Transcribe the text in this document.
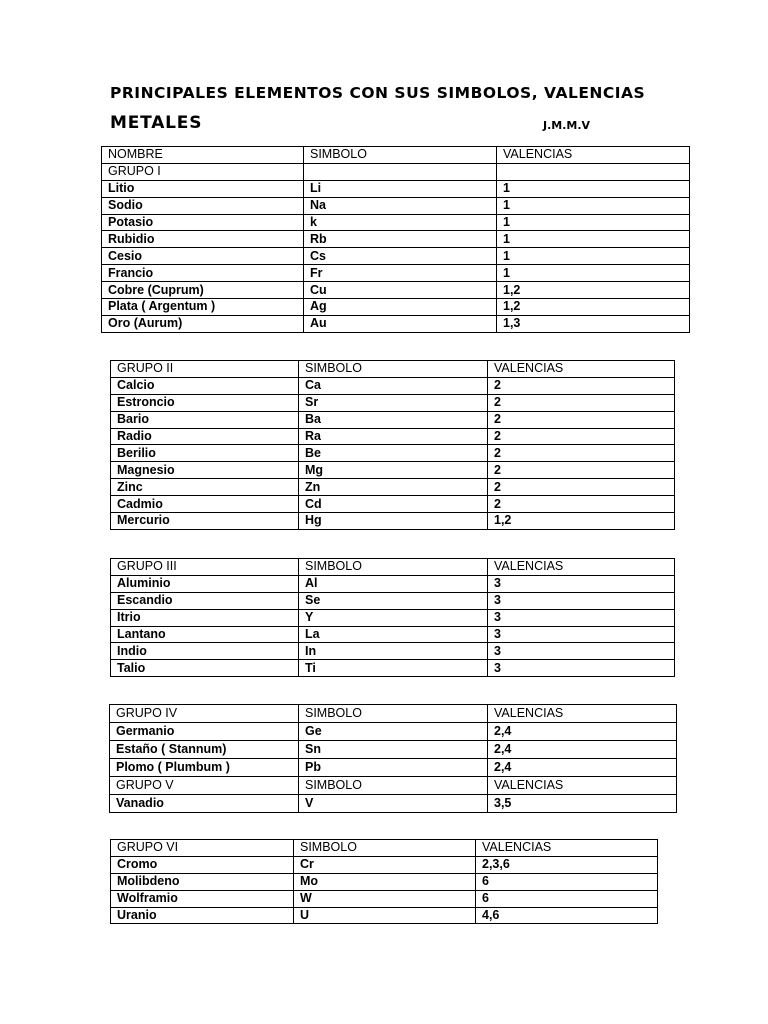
PRINCIPALES ELEMENTOS CON SUS SIMBOLOS, VALENCIAS
METALES	J.M.M.V
NOMBRE	SIMBOLO	VALENCIAS
GRUPO I		
Litio	Li	1
Sodio	Na	1
Potasio	k	1
Rubidio	Rb	1
Cesio	Cs	1
Francio	Fr	1
Cobre (Cuprum)	Cu	1,2
Plata ( Argentum )	Ag	1,2
Oro (Aurum)	Au	1,3
GRUPO II	SIMBOLO	VALENCIAS
Calcio	Ca	2
Estroncio	Sr	2
Bario	Ba	2
Radio	Ra	2
Berilio	Be	2
Magnesio	Mg	2
Zinc	Zn	2
Cadmio	Cd	2
Mercurio	Hg	1,2
GRUPO III	SIMBOLO	VALENCIAS
Aluminio	Al	3
Escandio	Se	3
Itrio	Y	3
Lantano	La	3
Indio	In	3
Talio	Ti	3
GRUPO IV	SIMBOLO	VALENCIAS
Germanio	Ge	2,4
Estaño ( Stannum)	Sn	2,4
Plomo ( Plumbum )	Pb	2,4
GRUPO V	SIMBOLO	VALENCIAS
Vanadio	V	3,5
GRUPO VI	SIMBOLO	VALENCIAS
Cromo	Cr	2,3,6
Molibdeno	Mo	6
Wolframio	W	6
Uranio	U	4,6
